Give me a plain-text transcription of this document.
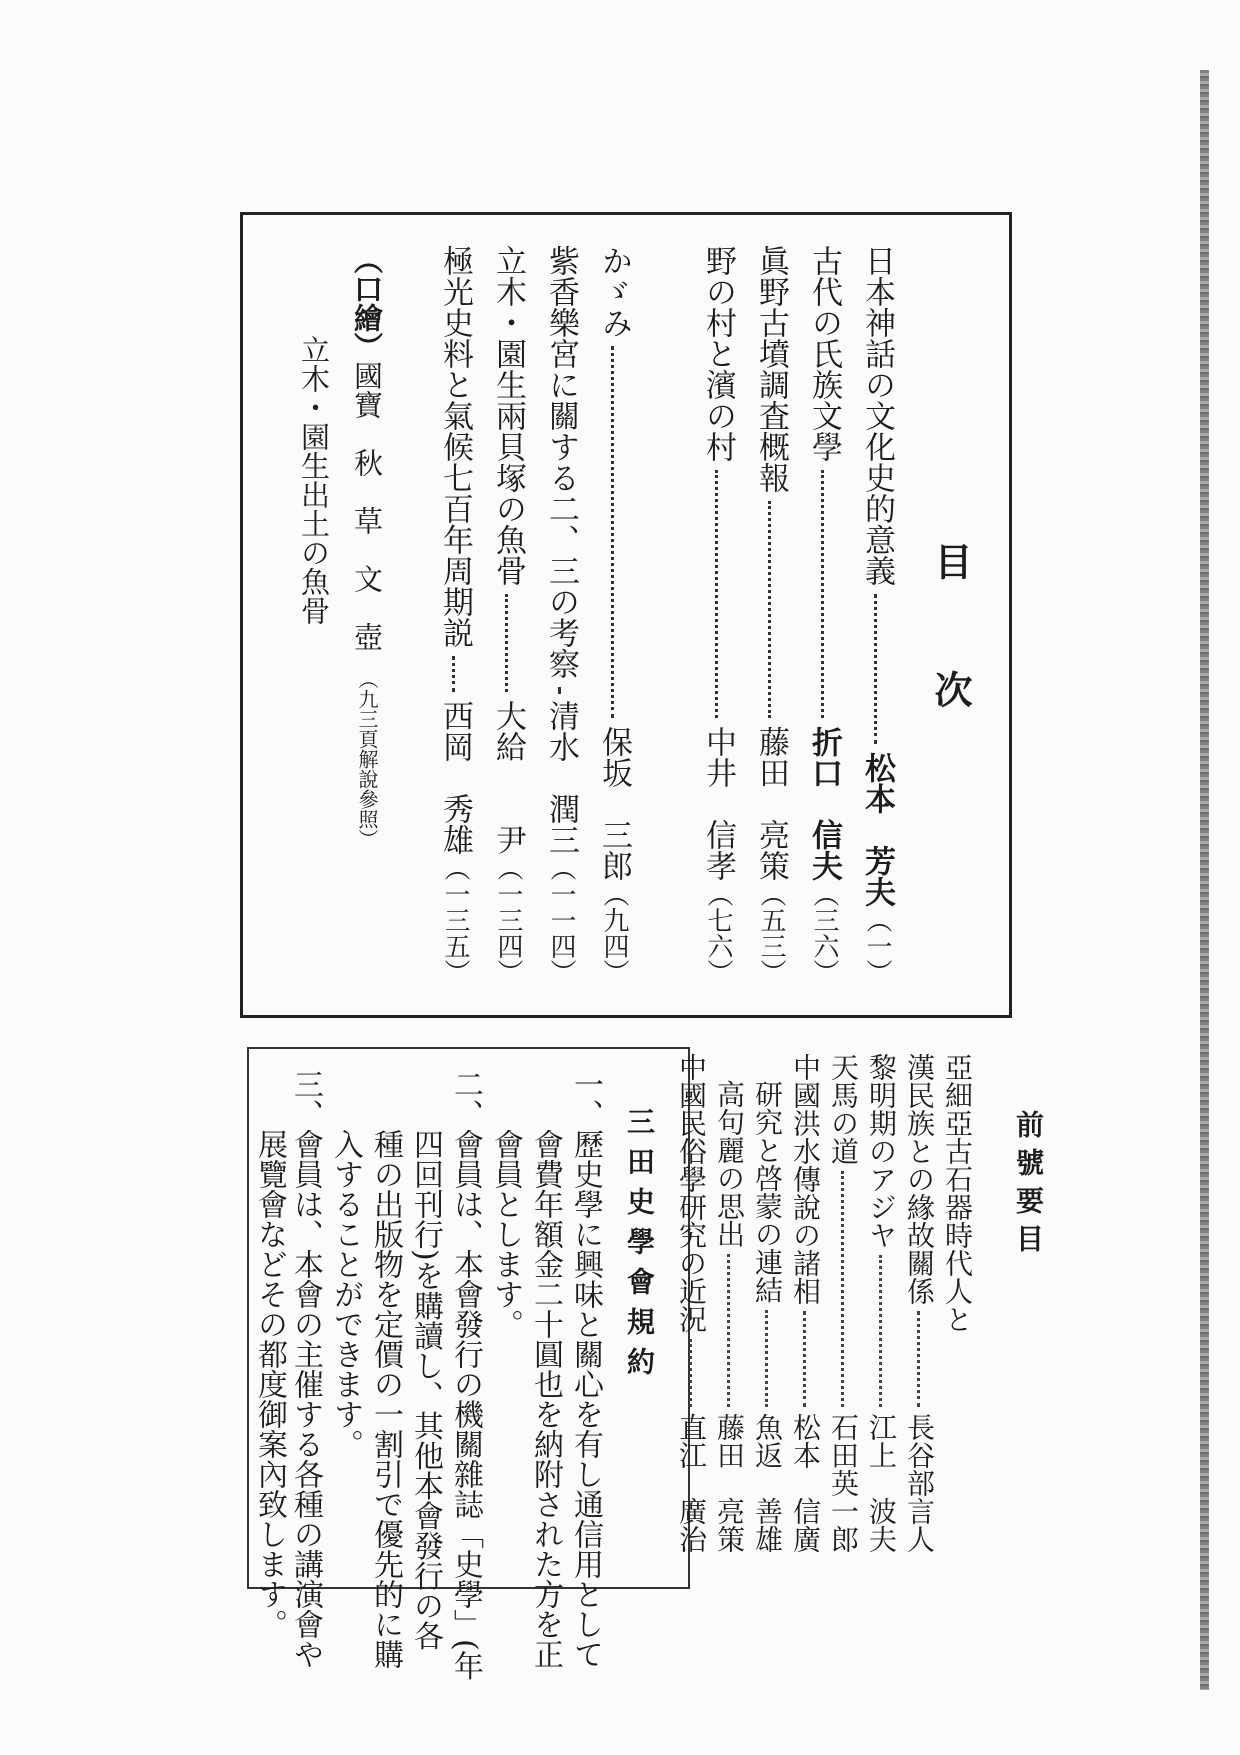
目次
日本神話の文化史的意義
松本　芳夫
（一）
古代の氏族文學
折口　信夫
（三六）
眞野古墳調査概報
藤田　亮策
（五三）
野の村と濱の村
中井　信孝
（七六）
かゞみ
保坂　三郎
（九四）
紫香樂宮に關する二、三の考察
清水　潤三
（一一四）
立木・園生兩貝塚の魚骨
大給　　尹
（一三四）
極光史料と氣候七百年周期説
西岡　秀雄
（一三五）
（口繪）國寶　秋　草　文　壺（九三頁解說參照）
立木・園生出土の魚骨
三田史學會規約
一、歷史學に興味と關心を有し通信用として
　　會費年額金二十圓也を納附された方を正
　　會員とします。
二、會員は、本會發行の機關雜誌「史學」(年
　　四回刊行)を購讀し、其他本會發行の各
　　種の出版物を定價の一割引で優先的に購
　　入することができます。
三、會員は、本會の主催する各種の講演會や
　　展覽會などその都度御案內致します。	前號要目
亞細亞古石器時代人と
漢民族との緣故關係
長谷部言人
黎明期のアジヤ
江上　波夫
天馬の道
石田英一郎
中國洪水傳說の諸相
松本　信廣
研究と啓蒙の連結
魚返　善雄
高句麗の思出
藤田　亮策
中國民俗學研究の近況
直江　廣治
